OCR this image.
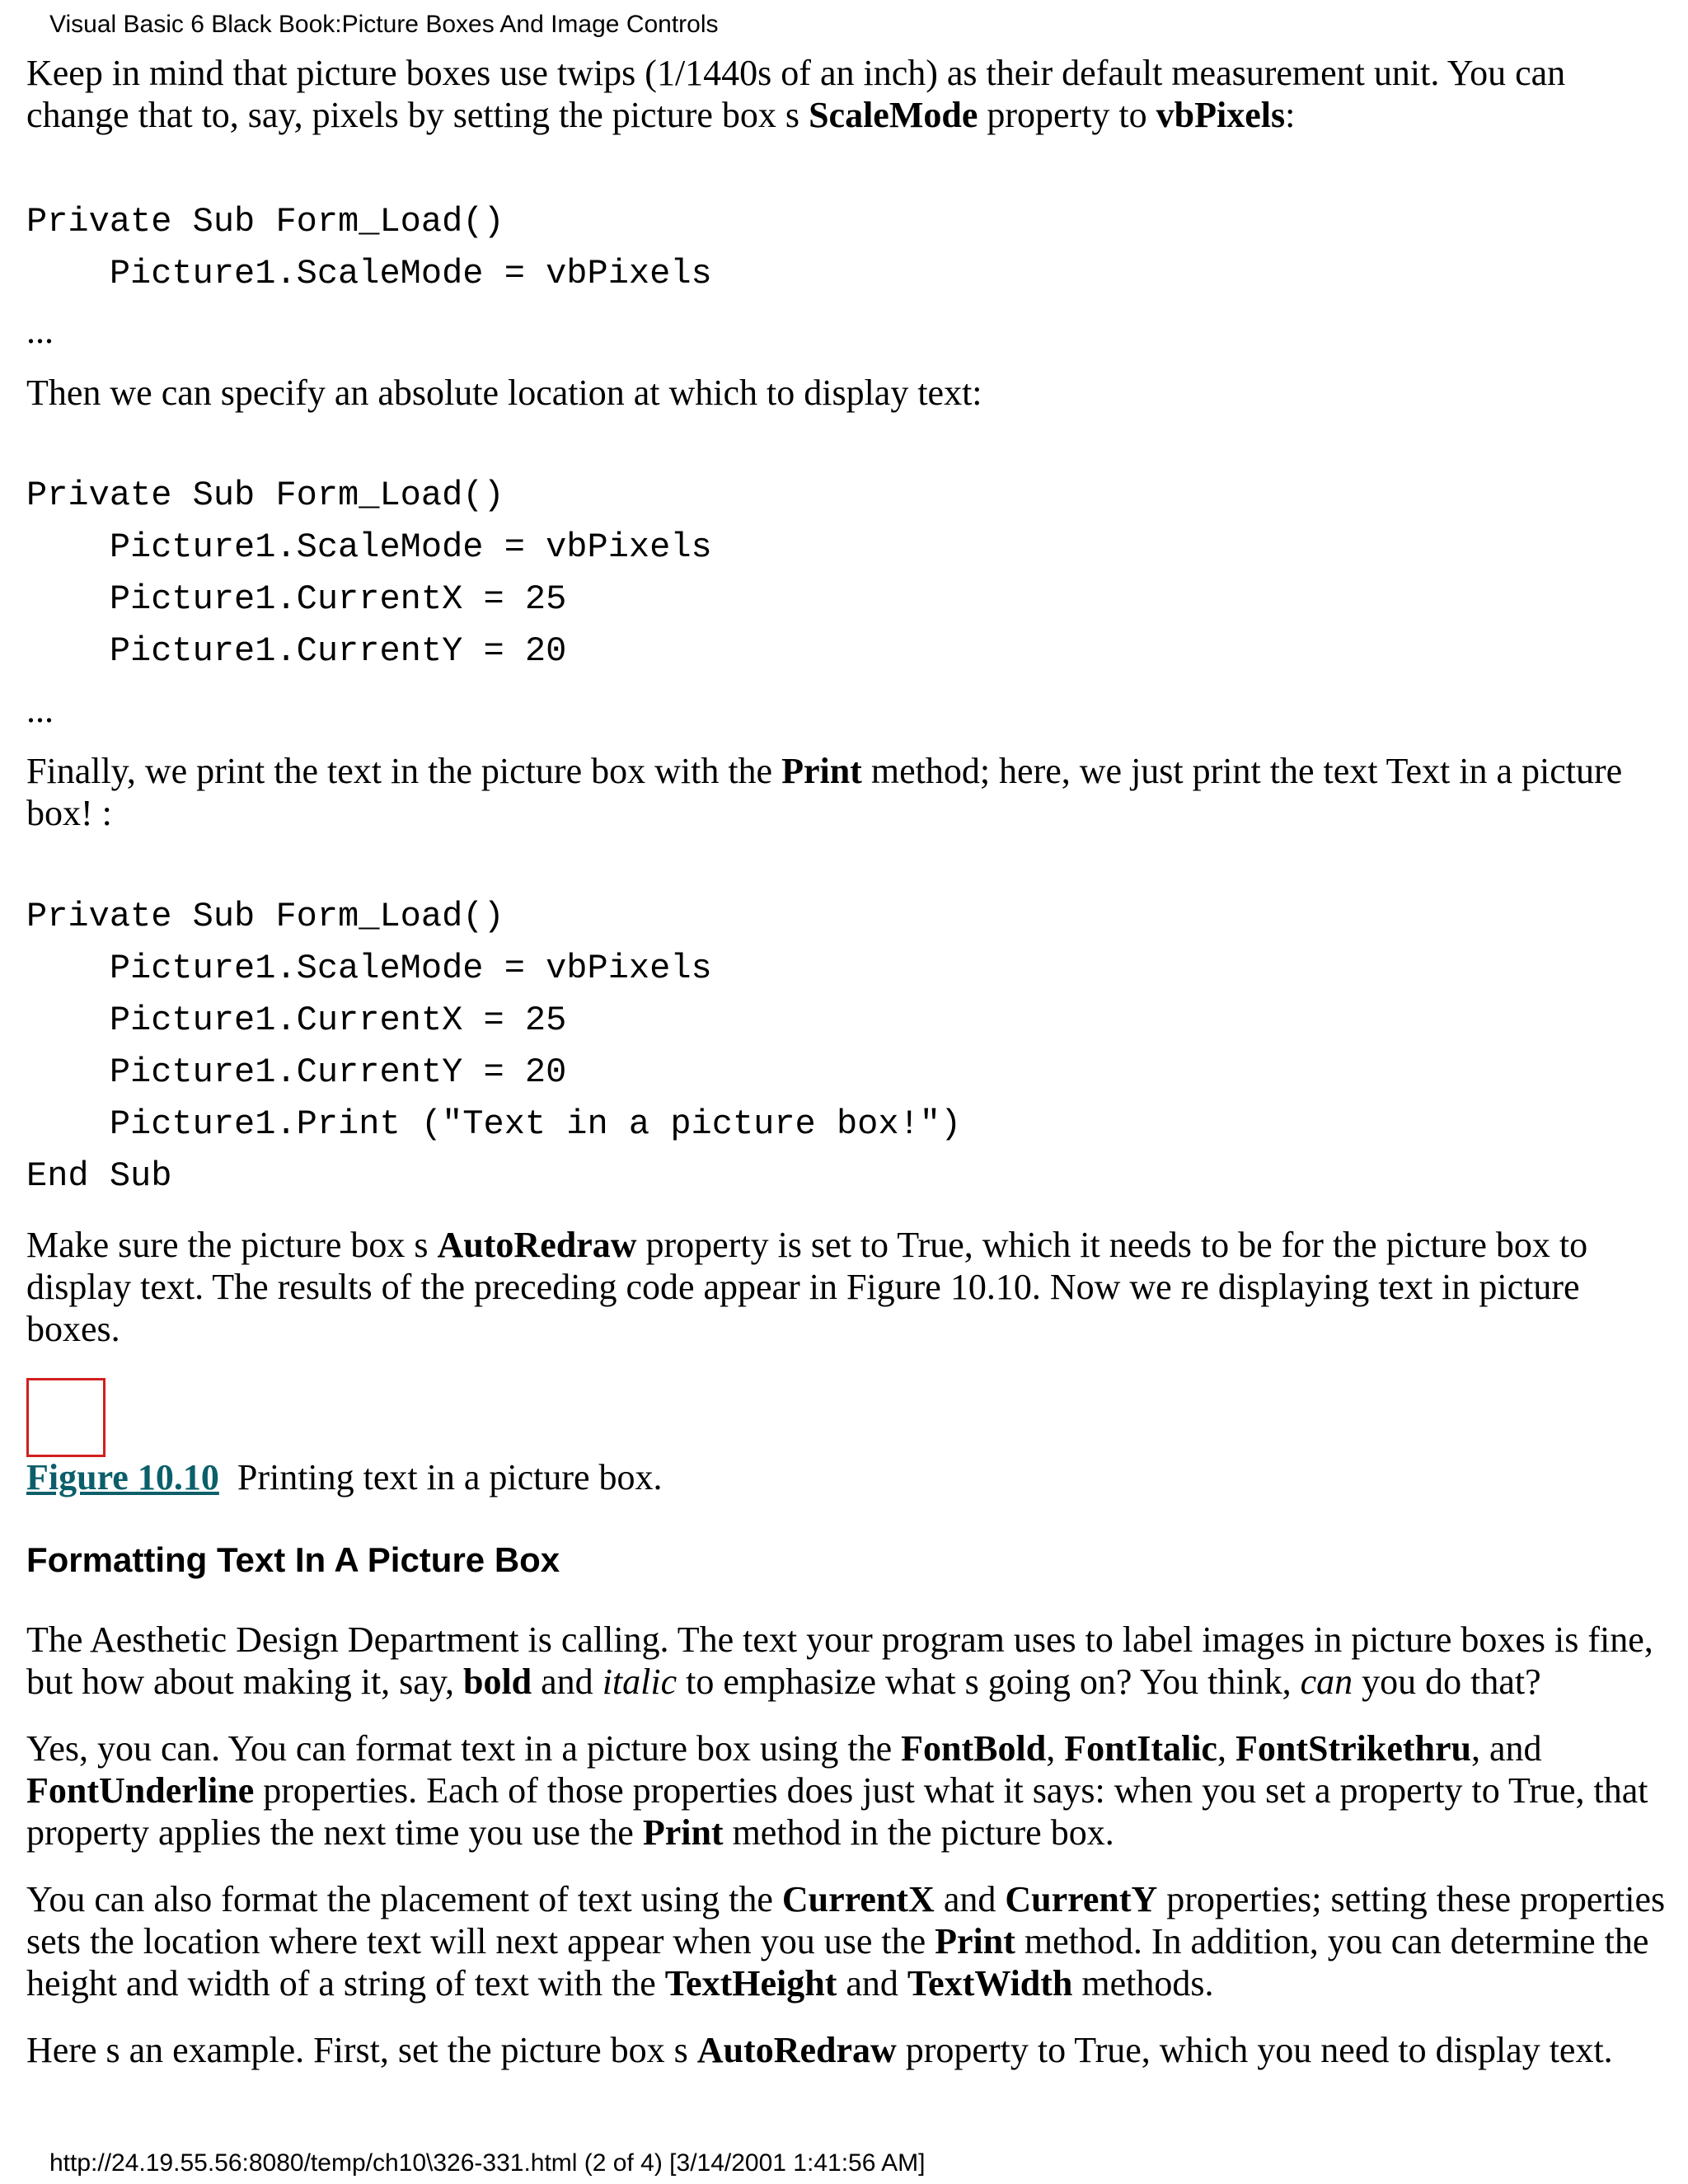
Visual Basic 6 Black Book:Picture Boxes And Image Controls

Keep in mind that picture boxes use twips (1/1440s of an inch) as their default measurement unit. You can change that to, say, pixels by setting the picture box s ScaleMode property to vbPixels:

Private Sub Form_Load()
Picture1.ScaleMode = vbPixels
...

Then we can specify an absolute location at which to display text:

Private Sub Form_Load()
Picture1.ScaleMode = vbPixels
Picture1.CurrentX = 25
Picture1.CurrentY = 20
...

Finally, we print the text in the picture box with the Print method; here, we just print the text Text in a picture box! :

Private Sub Form_Load()
Picture1.ScaleMode = vbPixels
Picture1.CurrentX = 25
Picture1.CurrentY = 20
Picture1.Print ("Text in a picture box!")
End Sub

Make sure the picture box s AutoRedraw property is set to True, which it needs to be for the picture box to display text. The results of the preceding code appear in Figure 10.10. Now we re displaying text in picture boxes.

Figure 10.10 Printing text in a picture box.

Formatting Text In A Picture Box

The Aesthetic Design Department is calling. The text your program uses to label images in picture boxes is fine, but how about making it, say, bold and italic to emphasize what s going on? You think, can you do that?

Yes, you can. You can format text in a picture box using the FontBold, FontItalic, FontStrikethru, and FontUnderline properties. Each of those properties does just what it says: when you set a property to True, that property applies the next time you use the Print method in the picture box.

You can also format the placement of text using the CurrentX and CurrentY properties; setting these properties sets the location where text will next appear when you use the Print method. In addition, you can determine the height and width of a string of text with the TextHeight and TextWidth methods.

Here s an example. First, set the picture box s AutoRedraw property to True, which you need to display text.

http://24.19.55.56:8080/temp/ch10\326-331.html (2 of 4) [3/14/2001 1:41:56 AM]
